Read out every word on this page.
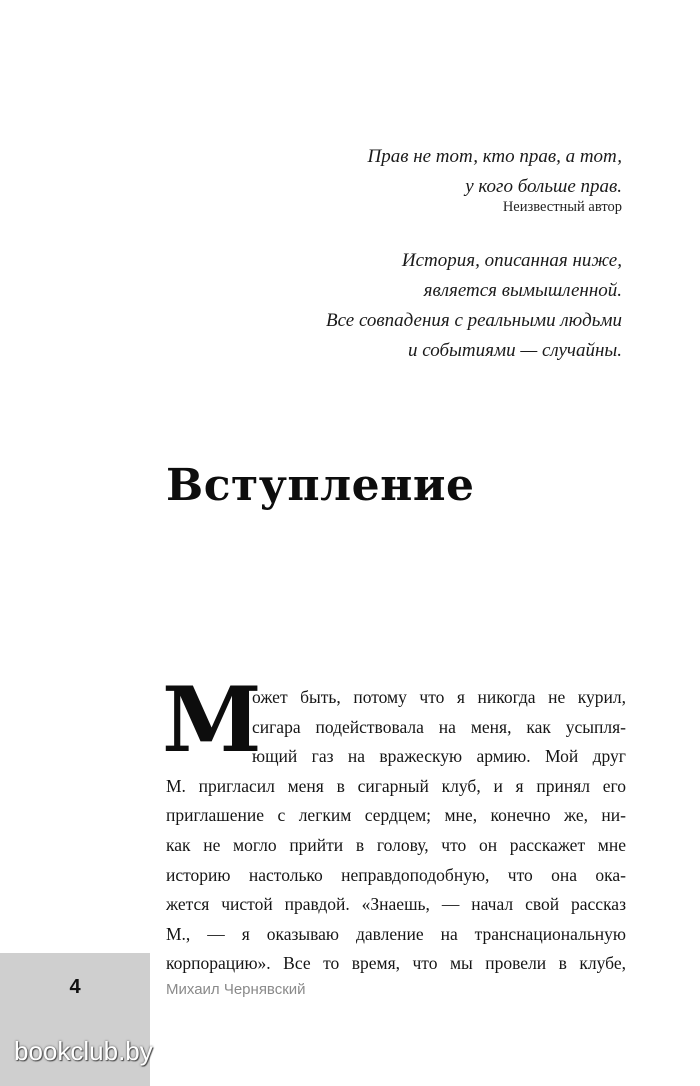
Прав не тот, кто прав, а тот,
у кого больше прав.
Неизвестный автор
История, описанная ниже,
является вымышленной.
Все совпадения с реальными людьми
и событиями — случайны.
Вступление
М
ожет быть, потому что я никогда не курил,
сигара подействовала на меня, как усыпля-
ющий газ на вражескую армию. Мой друг
М. пригласил меня в сигарный клуб, и я принял его
приглашение с легким сердцем; мне, конечно же, ни-
как не могло прийти в голову, что он расскажет мне
историю настолько неправдоподобную, что она ока-
жется чистой правдой. «Знаешь, — начал свой рассказ
М., — я оказываю давление на транснациональную
корпорацию». Все то время, что мы провели в клубе,
4	Михаил Чернявский
bookclub.by
